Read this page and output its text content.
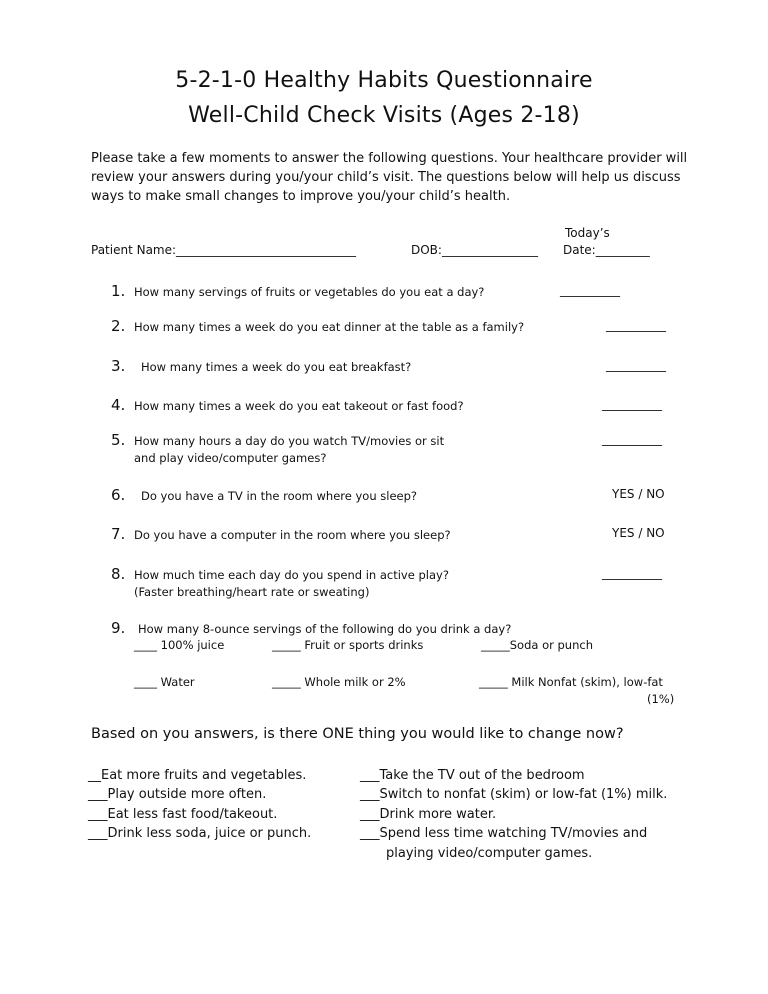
5-2-1-0 Healthy Habits Questionnaire
Well-Child Check Visits (Ages 2-18)
Please take a few moments to answer the following questions. Your healthcare provider will review your answers during you/your child’s visit. The questions below will help us discuss ways to make small changes to improve you/your child’s health.
Today’s
Patient Name:______________________________	DOB:________________ Date:_________
1. How many servings of fruits or vegetables do you eat a day?	__________
2. How many times a week do you eat dinner at the table as a family?	__________
3. How many times a week do you eat breakfast?	__________
4. How many times a week do you eat takeout or fast food?	__________
5. How many hours a day do you watch TV/movies or sit
and play video/computer games?
__________
6. Do you have a TV in the room where you sleep?	YES / NO
7. Do you have a computer in the room where you sleep?	YES / NO
8. How much time each day do you spend in active play?
(Faster breathing/heart rate or sweating)
__________
9. How many 8-ounce servings of the following do you drink a day?
____ 100% juice	_____ Fruit or sports drinks	_____Soda or punch
____ Water	_____ Whole milk or 2%	_____ Milk Nonfat (skim), low-fat
(1%)
Based on you answers, is there ONE thing you would like to change now?
__Eat more fruits and vegetables.
___Play outside more often.
___Eat less fast food/takeout.
___Drink less soda, juice or punch.
___Take the TV out of the bedroom
___Switch to nonfat (skim) or low-fat (1%) milk.
___Drink more water.
___Spend less time watching TV/movies and
playing video/computer games.
